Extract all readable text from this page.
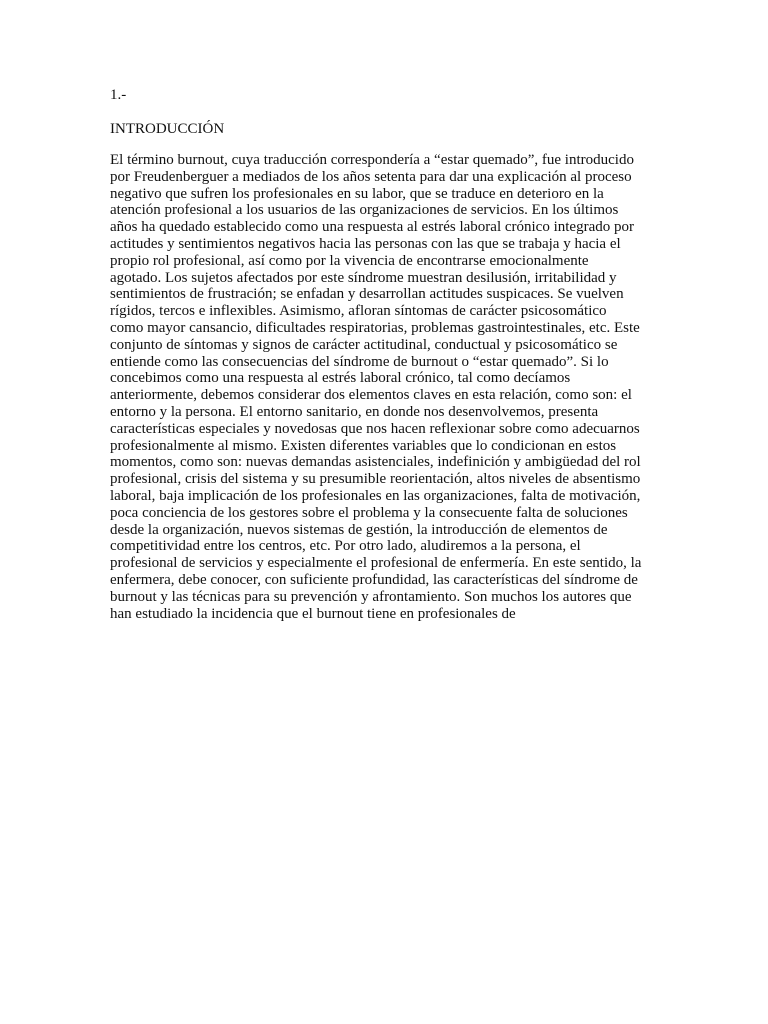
1.-

INTRODUCCIÓN
El término burnout, cuya traducción correspondería a “estar quemado”, fue introducido
por Freudenberguer a mediados de los años setenta para dar una explicación al proceso
negativo que sufren los profesionales en su labor, que se traduce en deterioro en la
atención profesional a los usuarios de las organizaciones de servicios. En los últimos
años ha quedado establecido como una respuesta al estrés laboral crónico integrado por
actitudes y sentimientos negativos hacia las personas con las que se trabaja y hacia el
propio rol profesional, así como por la vivencia de encontrarse emocionalmente
agotado. Los sujetos afectados por este síndrome muestran desilusión, irritabilidad y
sentimientos de frustración; se enfadan y desarrollan actitudes suspicaces. Se vuelven
rígidos, tercos e inflexibles. Asimismo, afloran síntomas de carácter psicosomático
como mayor cansancio, dificultades respiratorias, problemas gastrointestinales, etc. Este
conjunto de síntomas y signos de carácter actitudinal, conductual y psicosomático se
entiende como las consecuencias del síndrome de burnout o “estar quemado”. Si lo
concebimos como una respuesta al estrés laboral crónico, tal como decíamos
anteriormente, debemos considerar dos elementos claves en esta relación, como son: el
entorno y la persona. El entorno sanitario, en donde nos desenvolvemos, presenta
características especiales y novedosas que nos hacen reflexionar sobre como adecuarnos
profesionalmente al mismo. Existen diferentes variables que lo condicionan en estos
momentos, como son: nuevas demandas asistenciales, indefinición y ambigüedad del rol
profesional, crisis del sistema y su presumible reorientación, altos niveles de absentismo
laboral, baja implicación de los profesionales en las organizaciones, falta de motivación,
poca conciencia de los gestores sobre el problema y la consecuente falta de soluciones
desde la organización, nuevos sistemas de gestión, la introducción de elementos de
competitividad entre los centros, etc. Por otro lado, aludiremos a la persona, el
profesional de servicios y especialmente el profesional de enfermería. En este sentido, la
enfermera, debe conocer, con suficiente profundidad, las características del síndrome de
burnout y las técnicas para su prevención y afrontamiento. Son muchos los autores que
han estudiado la incidencia que el burnout tiene en profesionales de
